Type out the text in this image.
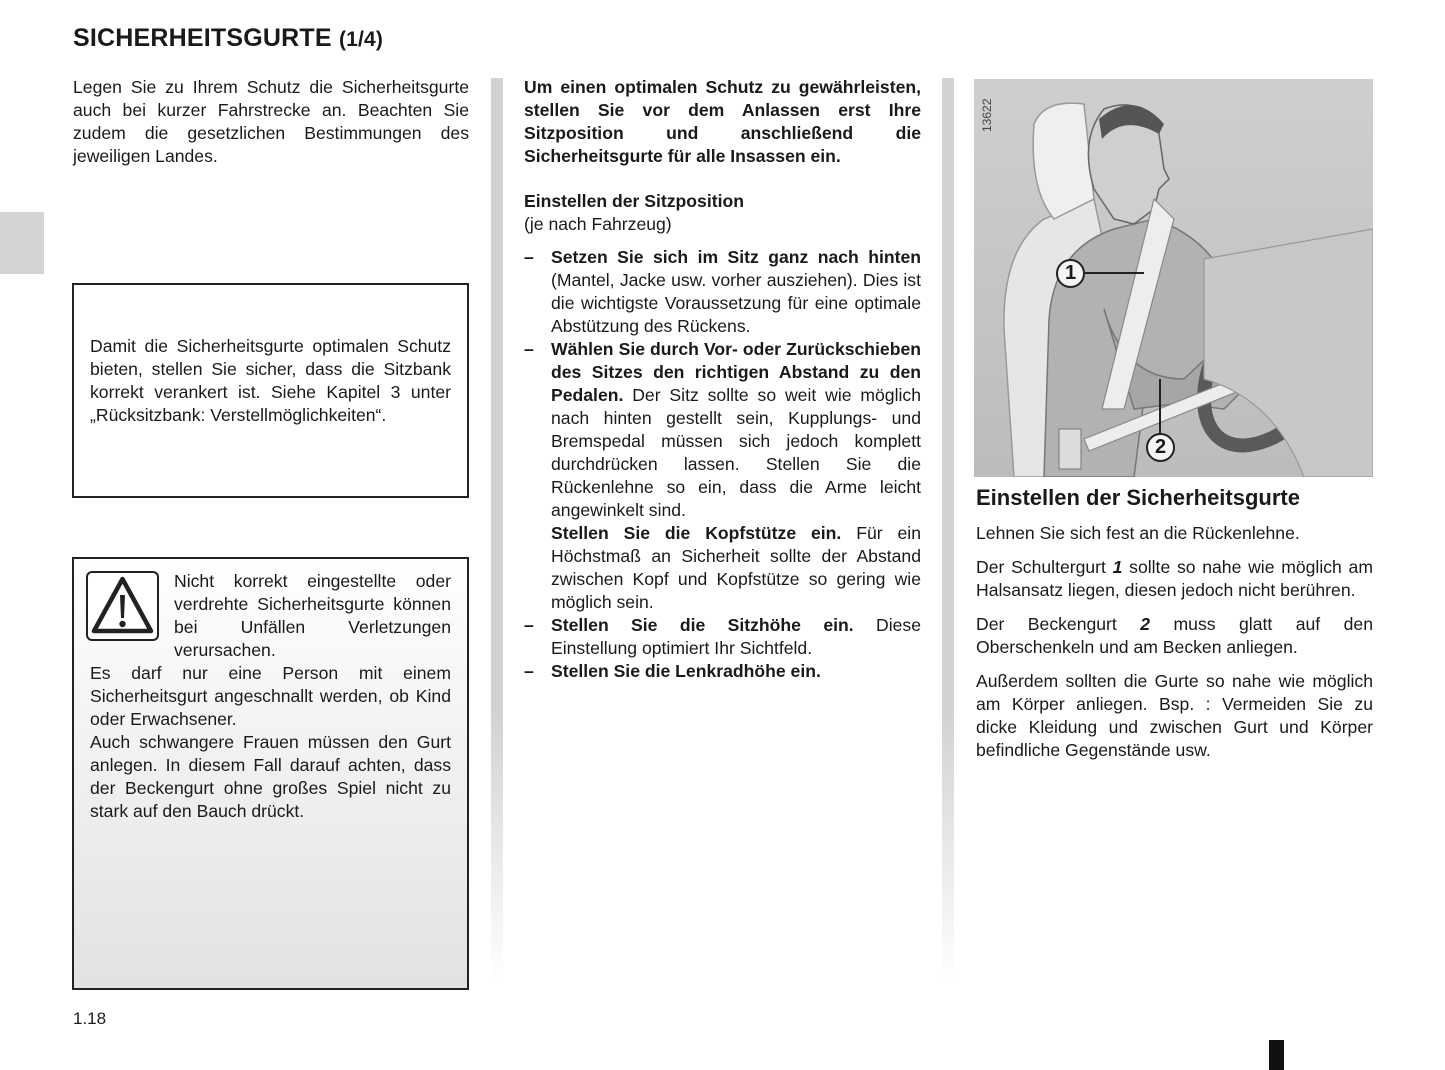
SICHERHEITSGURTE (1/4)

Legen Sie zu Ihrem Schutz die Sicherheitsgurte auch bei kurzer Fahrstrecke an. Beachten Sie zudem die gesetzlichen Bestimmungen des jeweiligen Landes.

Damit die Sicherheitsgurte optimalen Schutz bieten, stellen Sie sicher, dass die Sitzbank korrekt verankert ist. Siehe Kapitel 3 unter „Rücksitzbank: Verstellmöglichkeiten“.

Nicht korrekt eingestellte oder verdrehte Sicherheitsgurte können bei Unfällen Verletzungen verursachen.
Es darf nur eine Person mit einem Sicherheitsgurt angeschnallt werden, ob Kind oder Erwachsener.
Auch schwangere Frauen müssen den Gurt anlegen. In diesem Fall darauf achten, dass der Beckengurt ohne großes Spiel nicht zu stark auf den Bauch drückt.

Um einen optimalen Schutz zu gewährleisten, stellen Sie vor dem Anlassen erst Ihre Sitzposition und anschließend die Sicherheitsgurte für alle Insassen ein.

Einstellen der Sitzposition

(je nach Fahrzeug)

– Setzen Sie sich im Sitz ganz nach hinten (Mantel, Jacke usw. vorher ausziehen). Dies ist die wichtigste Voraussetzung für eine optimale Abstützung des Rückens.

– Wählen Sie durch Vor- oder Zurückschieben des Sitzes den richtigen Abstand zu den Pedalen. Der Sitz sollte so weit wie möglich nach hinten gestellt sein, Kupplungs- und Bremspedal müssen sich jedoch komplett durchdrücken lassen. Stellen Sie die Rückenlehne so ein, dass die Arme leicht angewinkelt sind.

Stellen Sie die Kopfstütze ein. Für ein Höchstmaß an Sicherheit sollte der Abstand zwischen Kopf und Kopfstütze so gering wie möglich sein.

– Stellen Sie die Sitzhöhe ein. Diese Einstellung optimiert Ihr Sichtfeld.

– Stellen Sie die Lenkradhöhe ein.

13622
1
2
Einstellen der Sicherheitsgurte

Lehnen Sie sich fest an die Rückenlehne.

Der Schultergurt 1 sollte so nahe wie möglich am Halsansatz liegen, diesen jedoch nicht berühren.

Der Beckengurt 2 muss glatt auf den Oberschenkeln und am Becken anliegen.

Außerdem sollten die Gurte so nahe wie möglich am Körper anliegen. Bsp. : Vermeiden Sie zu dicke Kleidung und zwischen Gurt und Körper befindliche Gegenstände usw.

1.18
